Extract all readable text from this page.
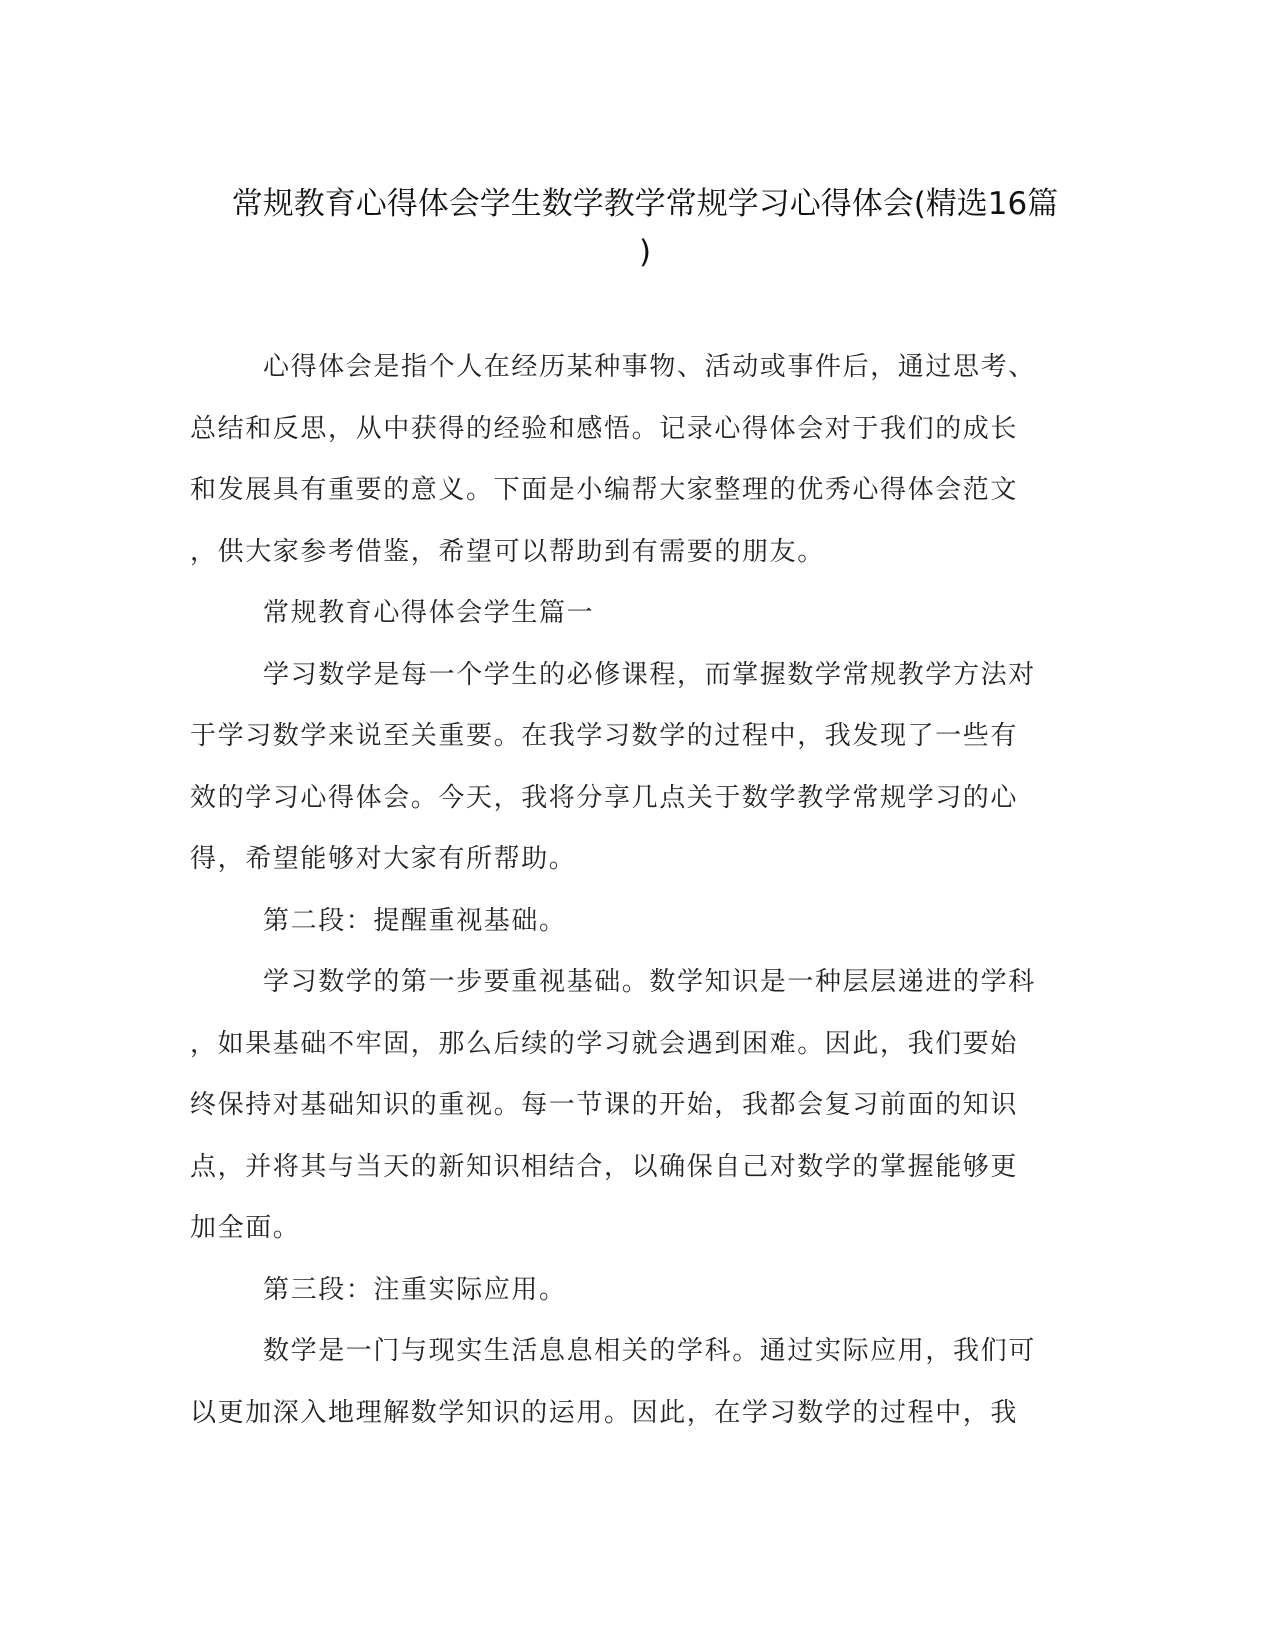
常规教育心得体会学生数学教学常规学习心得体会(精选16篇
)
心得体会是指个人在经历某种事物、活动或事件后，通过思考、
总结和反思，从中获得的经验和感悟。记录心得体会对于我们的成长
和发展具有重要的意义。下面是小编帮大家整理的优秀心得体会范文
，供大家参考借鉴，希望可以帮助到有需要的朋友。
常规教育心得体会学生篇一
学习数学是每一个学生的必修课程，而掌握数学常规教学方法对
于学习数学来说至关重要。在我学习数学的过程中，我发现了一些有
效的学习心得体会。今天，我将分享几点关于数学教学常规学习的心
得，希望能够对大家有所帮助。
第二段：提醒重视基础。
学习数学的第一步要重视基础。数学知识是一种层层递进的学科
，如果基础不牢固，那么后续的学习就会遇到困难。因此，我们要始
终保持对基础知识的重视。每一节课的开始，我都会复习前面的知识
点，并将其与当天的新知识相结合，以确保自己对数学的掌握能够更
加全面。
第三段：注重实际应用。
数学是一门与现实生活息息相关的学科。通过实际应用，我们可
以更加深入地理解数学知识的运用。因此，在学习数学的过程中，我
